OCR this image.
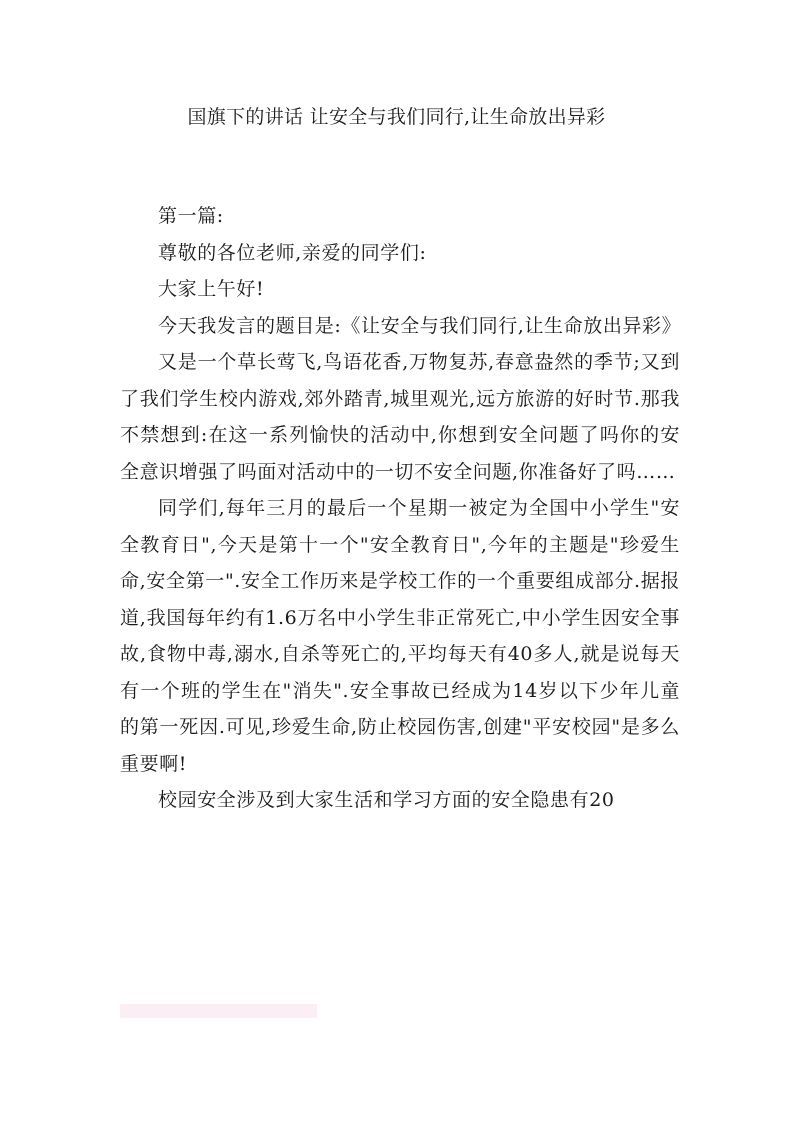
国旗下的讲话 让安全与我们同行,让生命放出异彩

第一篇:

尊敬的各位老师,亲爱的同学们:

大家上午好!

今天我发言的题目是:《让安全与我们同行,让生命放出异彩》

又是一个草长莺飞,鸟语花香,万物复苏,春意盎然的季节;又到了我们学生校内游戏,郊外踏青,城里观光,远方旅游的好时节.那我不禁想到:在这一系列愉快的活动中,你想到安全问题了吗你的安全意识增强了吗面对活动中的一切不安全问题,你准备好了吗……

同学们,每年三月的最后一个星期一被定为全国中小学生"安全教育日",今天是第十一个"安全教育日",今年的主题是"珍爱生命,安全第一".安全工作历来是学校工作的一个重要组成部分.据报道,我国每年约有1.6万名中小学生非正常死亡,中小学生因安全事故,食物中毒,溺水,自杀等死亡的,平均每天有40多人,就是说每天有一个班的学生在"消失".安全事故已经成为14岁以下少年儿童的第一死因.可见,珍爱生命,防止校园伤害,创建"平安校园"是多么重要啊!

校园安全涉及到大家生活和学习方面的安全隐患有20
